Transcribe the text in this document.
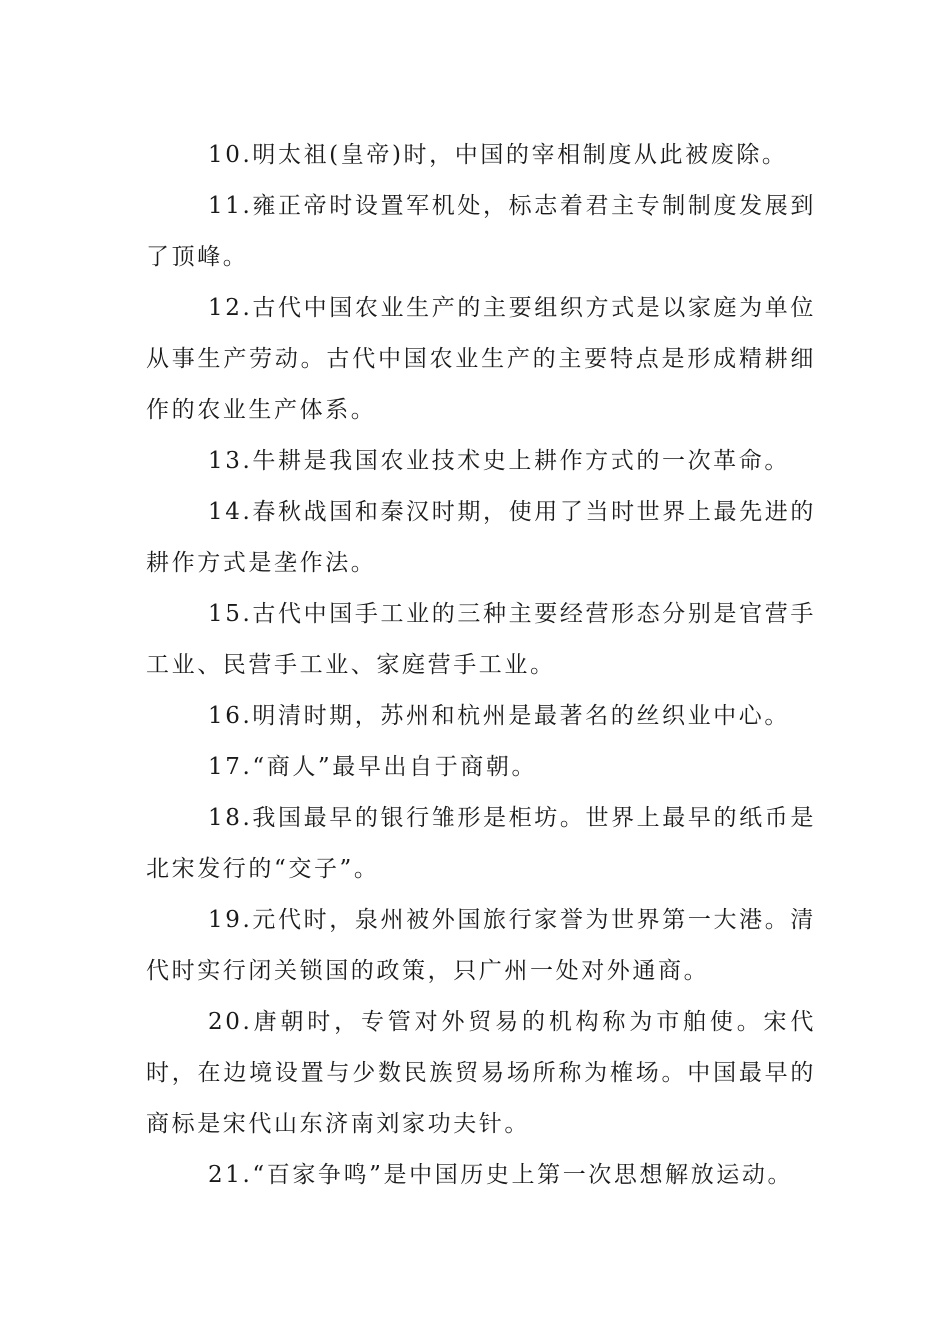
10.明太祖(皇帝)时，中国的宰相制度从此被废除。

11.雍正帝时设置军机处，标志着君主专制制度发展到了顶峰。

12.古代中国农业生产的主要组织方式是以家庭为单位从事生产劳动。古代中国农业生产的主要特点是形成精耕细作的农业生产体系。

13.牛耕是我国农业技术史上耕作方式的一次革命。

14.春秋战国和秦汉时期，使用了当时世界上最先进的耕作方式是垄作法。

15.古代中国手工业的三种主要经营形态分别是官营手工业、民营手工业、家庭营手工业。

16.明清时期，苏州和杭州是最著名的丝织业中心。

17.“商人”最早出自于商朝。

18.我国最早的银行雏形是柜坊。世界上最早的纸币是北宋发行的“交子”。

19.元代时，泉州被外国旅行家誉为世界第一大港。清代时实行闭关锁国的政策，只广州一处对外通商。

20.唐朝时，专管对外贸易的机构称为市舶使。宋代时，在边境设置与少数民族贸易场所称为榷场。中国最早的商标是宋代山东济南刘家功夫针。

21.“百家争鸣”是中国历史上第一次思想解放运动。
